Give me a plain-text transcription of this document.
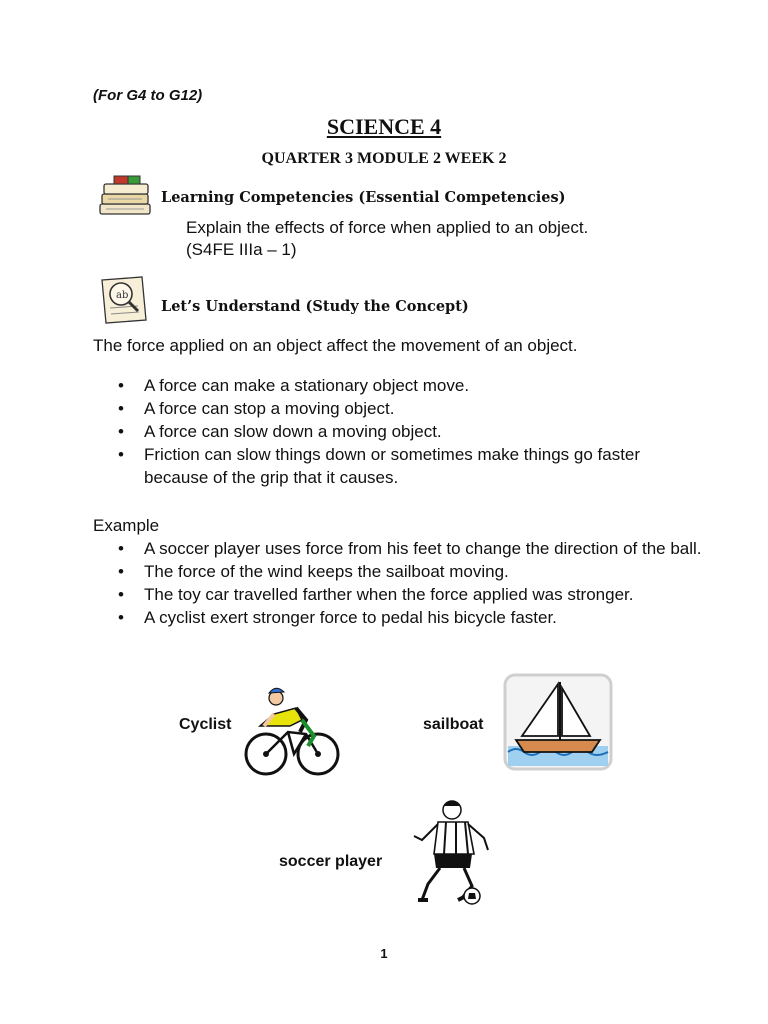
(For G4 to G12)
SCIENCE 4
QUARTER 3 MODULE 2 WEEK 2
Learning Competencies (Essential Competencies)
Explain the effects of force when applied to an object.
(S4FE IIIa – 1)
ab
Let’s Understand (Study the Concept)
The force applied on an object affect the movement of an object.
• A force can make a stationary object move.
• A force can stop a moving object.
• A force can slow down a moving object.
• Friction can slow things down or sometimes make things go faster because of the grip that it causes.
Example
• A soccer player uses force from his feet to change the direction of the ball.
• The force of the wind keeps the sailboat moving.
• The toy car travelled farther when the force applied was stronger.
• A cyclist exert stronger force to pedal his bicycle faster.
Cyclist	sailboat
soccer player
1
